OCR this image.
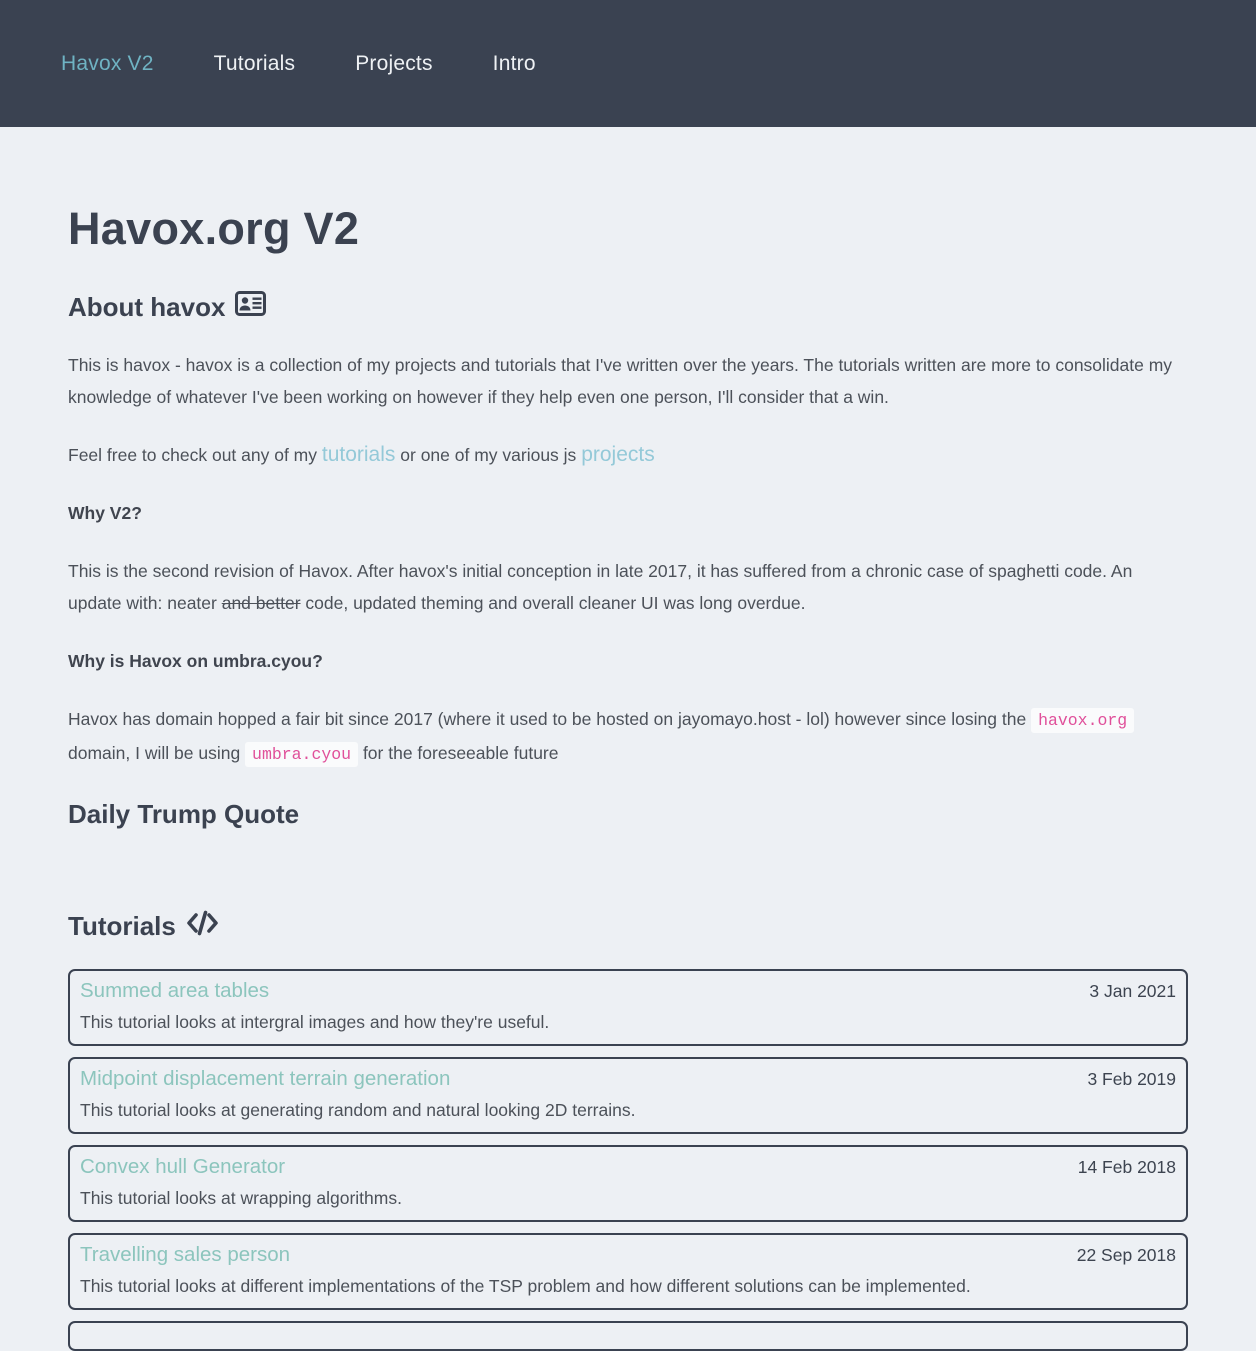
Havox V2	Tutorials	Projects	Intro
Havox.org V2
About havox

This is havox - havox is a collection of my projects and tutorials that I've written over the years. The tutorials written are more to consolidate my knowledge of whatever I've been working on however if they help even one person, I'll consider that a win.

Feel free to check out any of my tutorials or one of my various js projects

Why V2?

This is the second revision of Havox. After havox's initial conception in late 2017, it has suffered from a chronic case of spaghetti code. An update with: neater and better code, updated theming and overall cleaner UI was long overdue.

Why is Havox on umbra.cyou?

Havox has domain hopped a fair bit since 2017 (where it used to be hosted on jayomayo.host - lol) however since losing the havox.org domain, I will be using umbra.cyou for the foreseeable future

Daily Trump Quote
Tutorials
Summed area tables	3 Jan 2021
This tutorial looks at intergral images and how they're useful.
Midpoint displacement terrain generation	3 Feb 2019
This tutorial looks at generating random and natural looking 2D terrains.
Convex hull Generator	14 Feb 2018
This tutorial looks at wrapping algorithms.
Travelling sales person	22 Sep 2018
This tutorial looks at different implementations of the TSP problem and how different solutions can be implemented.
